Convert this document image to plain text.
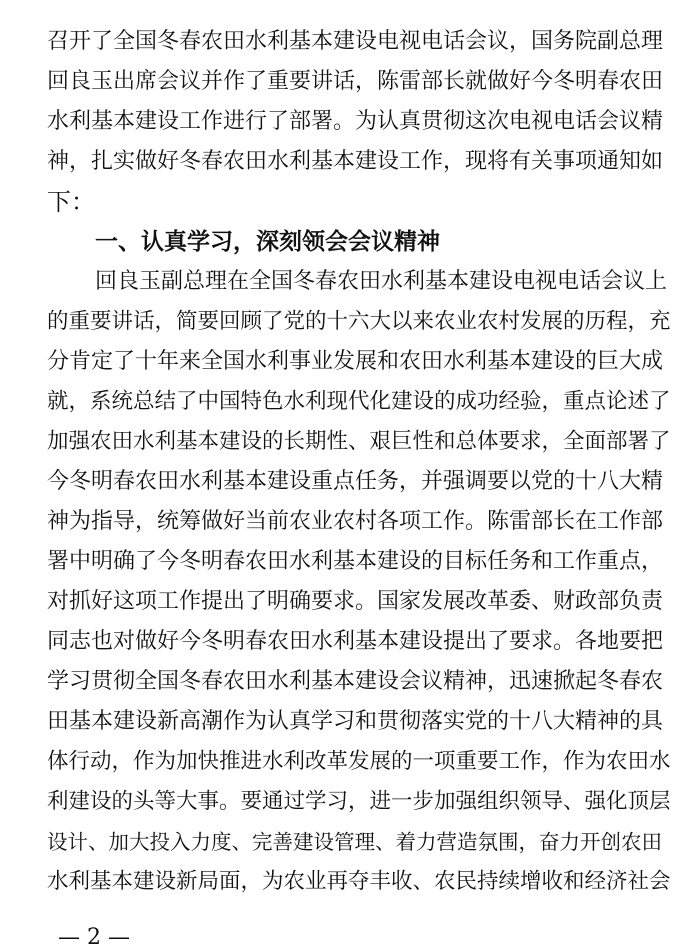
召开了全国冬春农田水利基本建设电视电话会议，国务院副总理
回良玉出席会议并作了重要讲话，陈雷部长就做好今冬明春农田
水利基本建设工作进行了部署。为认真贯彻这次电视电话会议精
神，扎实做好冬春农田水利基本建设工作，现将有关事项通知如
下：
一、认真学习，深刻领会会议精神
回良玉副总理在全国冬春农田水利基本建设电视电话会议上
的重要讲话，简要回顾了党的十六大以来农业农村发展的历程，充
分肯定了十年来全国水利事业发展和农田水利基本建设的巨大成
就，系统总结了中国特色水利现代化建设的成功经验，重点论述了
加强农田水利基本建设的长期性、艰巨性和总体要求，全面部署了
今冬明春农田水利基本建设重点任务，并强调要以党的十八大精
神为指导，统筹做好当前农业农村各项工作。陈雷部长在工作部
署中明确了今冬明春农田水利基本建设的目标任务和工作重点，
对抓好这项工作提出了明确要求。国家发展改革委、财政部负责
同志也对做好今冬明春农田水利基本建设提出了要求。各地要把
学习贯彻全国冬春农田水利基本建设会议精神，迅速掀起冬春农
田基本建设新高潮作为认真学习和贯彻落实党的十八大精神的具
体行动，作为加快推进水利改革发展的一项重要工作，作为农田水
利建设的头等大事。要通过学习，进一步加强组织领导、强化顶层
设计、加大投入力度、完善建设管理、着力营造氛围，奋力开创农田
水利基本建设新局面，为农业再夺丰收、农民持续增收和经济社会
— 2 —
